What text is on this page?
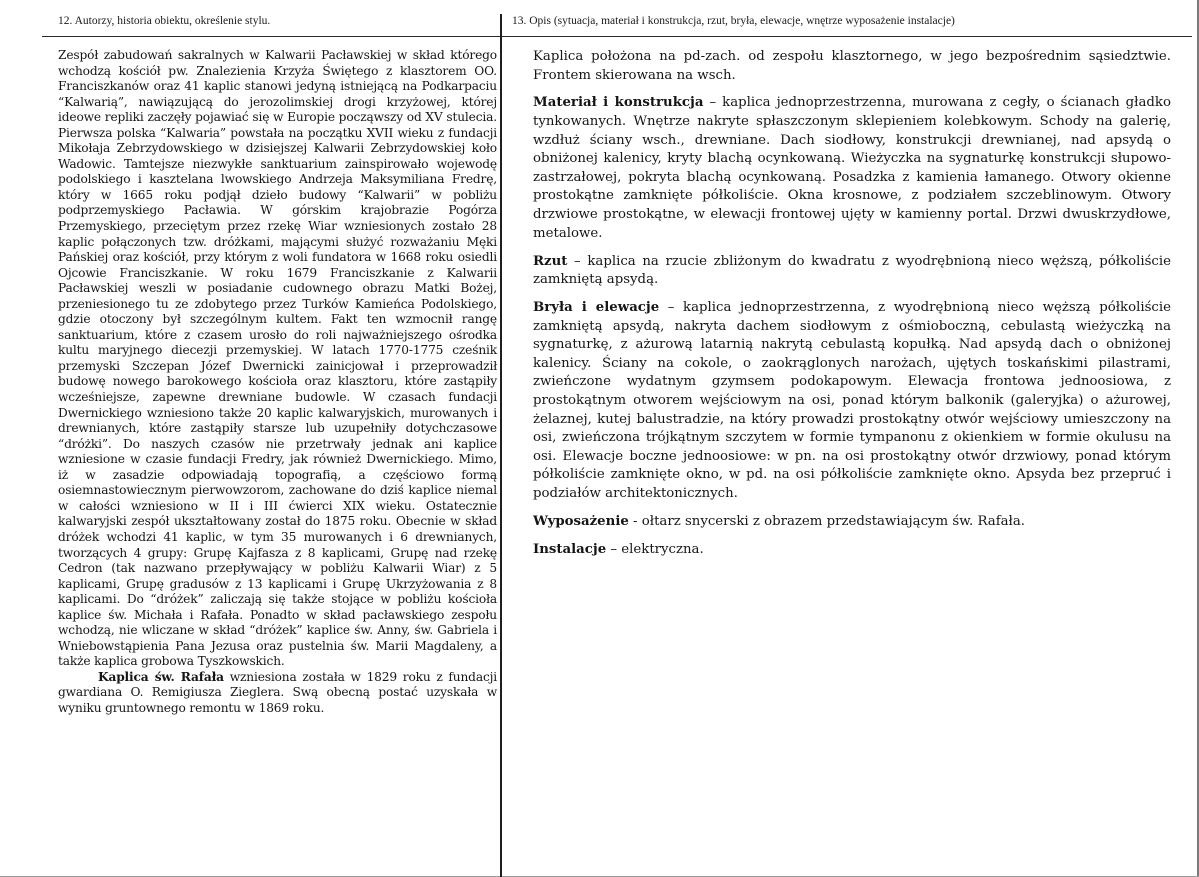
12. Autorzy, historia obiektu, określenie stylu.	13. Opis (sytuacja, materiał i konstrukcja, rzut, bryła, elewacje, wnętrze wyposażenie instalacje)

Zespół zabudowań sakralnych w Kalwarii Pacławskiej w skład którego wchodzą kościół pw. Znalezienia Krzyża Świętego z klasztorem OO. Franciszkanów oraz 41 kaplic stanowi jedyną istniejącą na Podkarpaciu “Kalwarią”, nawiązującą do jerozolimskiej drogi krzyżowej, której ideowe repliki zaczęły pojawiać się w Europie począwszy od XV stulecia. Pierwsza polska “Kalwaria” powstała na początku XVII wieku z fundacji Mikołaja Zebrzydowskiego w dzisiejszej Kalwarii Zebrzydowskiej koło Wadowic. Tamtejsze niezwykłe sanktuarium zainspirowało wojewodę podolskiego i kasztelana lwowskiego Andrzeja Maksymiliana Fredrę, który w 1665 roku podjął dzieło budowy “Kalwarii” w pobliżu podprzemyskiego Pacławia. W górskim krajobrazie Pogórza Przemyskiego, przeciętym przez rzekę Wiar wzniesionych zostało 28 kaplic połączonych tzw. dróżkami, mającymi służyć rozważaniu Męki Pańskiej oraz kościół, przy którym z woli fundatora w 1668 roku osiedli Ojcowie Franciszkanie. W roku 1679 Franciszkanie z Kalwarii Pacławskiej weszli w posiadanie cudownego obrazu Matki Bożej, przeniesionego tu ze zdobytego przez Turków Kamieńca Podolskiego, gdzie otoczony był szczególnym kultem. Fakt ten wzmocnił rangę sanktuarium, które z czasem urosło do roli najważniejszego ośrodka kultu maryjnego diecezji przemyskiej. W latach 1770-1775 cześnik przemyski Szczepan Józef Dwernicki zainicjował i przeprowadził budowę nowego barokowego kościoła oraz klasztoru, które zastąpiły wcześniejsze, zapewne drewniane budowle. W czasach fundacji Dwernickiego wzniesiono także 20 kaplic kalwaryjskich, murowanych i drewnianych, które zastąpiły starsze lub uzupełniły dotychczasowe “dróżki”. Do naszych czasów nie przetrwały jednak ani kaplice wzniesione w czasie fundacji Fredry, jak również Dwernickiego. Mimo, iż w zasadzie odpowiadają topografią, a częściowo formą osiemnastowiecznym pierwowzorom, zachowane do dziś kaplice niemal w całości wzniesiono w II i III ćwierci XIX wieku. Ostatecznie kalwaryjski zespół ukształtowany został do 1875 roku. Obecnie w skład dróżek wchodzi 41 kaplic, w tym 35 murowanych i 6 drewnianych, tworzących 4 grupy: Grupę Kajfasza z 8 kaplicami, Grupę nad rzekę Cedron (tak nazwano przepływający w pobliżu Kalwarii Wiar) z 5 kaplicami, Grupę gradusów z 13 kaplicami i Grupę Ukrzyżowania z 8 kaplicami. Do “dróżek” zaliczają się także stojące w pobliżu kościoła kaplice św. Michała i Rafała. Ponadto w skład pacławskiego zespołu wchodzą, nie wliczane w skład “dróżek” kaplice św. Anny, św. Gabriela i Wniebowstąpienia Pana Jezusa oraz pustelnia św. Marii Magdaleny, a także kaplica grobowa Tyszkowskich.

Kaplica św. Rafała wzniesiona została w 1829 roku z fundacji gwardiana O. Remigiusza Zieglera. Swą obecną postać uzyskała w wyniku gruntownego remontu w 1869 roku.

Kaplica położona na pd-zach. od zespołu klasztornego, w jego bezpośrednim sąsiedztwie. Frontem skierowana na wsch.

Materiał i konstrukcja – kaplica jednoprzestrzenna, murowana z cegły, o ścianach gładko tynkowanych. Wnętrze nakryte spłaszczonym sklepieniem kolebkowym. Schody na galerię, wzdłuż ściany wsch., drewniane. Dach siodłowy, konstrukcji drewnianej, nad apsydą o obniżonej kalenicy, kryty blachą ocynkowaną. Wieżyczka na sygnaturkę konstrukcji słupowo-zastrzałowej, pokryta blachą ocynkowaną. Posadzka z kamienia łamanego. Otwory okienne prostokątne zamknięte półkoliście. Okna krosnowe, z podziałem szczeblinowym. Otwory drzwiowe prostokątne, w elewacji frontowej ujęty w kamienny portal. Drzwi dwuskrzydłowe, metalowe.

Rzut – kaplica na rzucie zbliżonym do kwadratu z wyodrębnioną nieco węższą, półkoliście zamkniętą apsydą.

Bryła i elewacje – kaplica jednoprzestrzenna, z wyodrębnioną nieco węższą półkoliście zamkniętą apsydą, nakryta dachem siodłowym z ośmioboczną, cebulastą wieżyczką na sygnaturkę, z ażurową latarnią nakrytą cebulastą kopułką. Nad apsydą dach o obniżonej kalenicy. Ściany na cokole, o zaokrąglonych narożach, ujętych toskańskimi pilastrami, zwieńczone wydatnym gzymsem podokapowym. Elewacja frontowa jednoosiowa, z prostokątnym otworem wejściowym na osi, ponad którym balkonik (galeryjka) o ażurowej, żelaznej, kutej balustradzie, na który prowadzi prostokątny otwór wejściowy umieszczony na osi, zwieńczona trójkątnym szczytem w formie tympanonu z okienkiem w formie okulusu na osi. Elewacje boczne jednoosiowe: w pn. na osi prostokątny otwór drzwiowy, ponad którym półkoliście zamknięte okno, w pd. na osi półkoliście zamknięte okno. Apsyda bez przepruć i podziałów architektonicznych.

Wyposażenie - ołtarz snycerski z obrazem przedstawiającym św. Rafała.

Instalacje – elektryczna.
